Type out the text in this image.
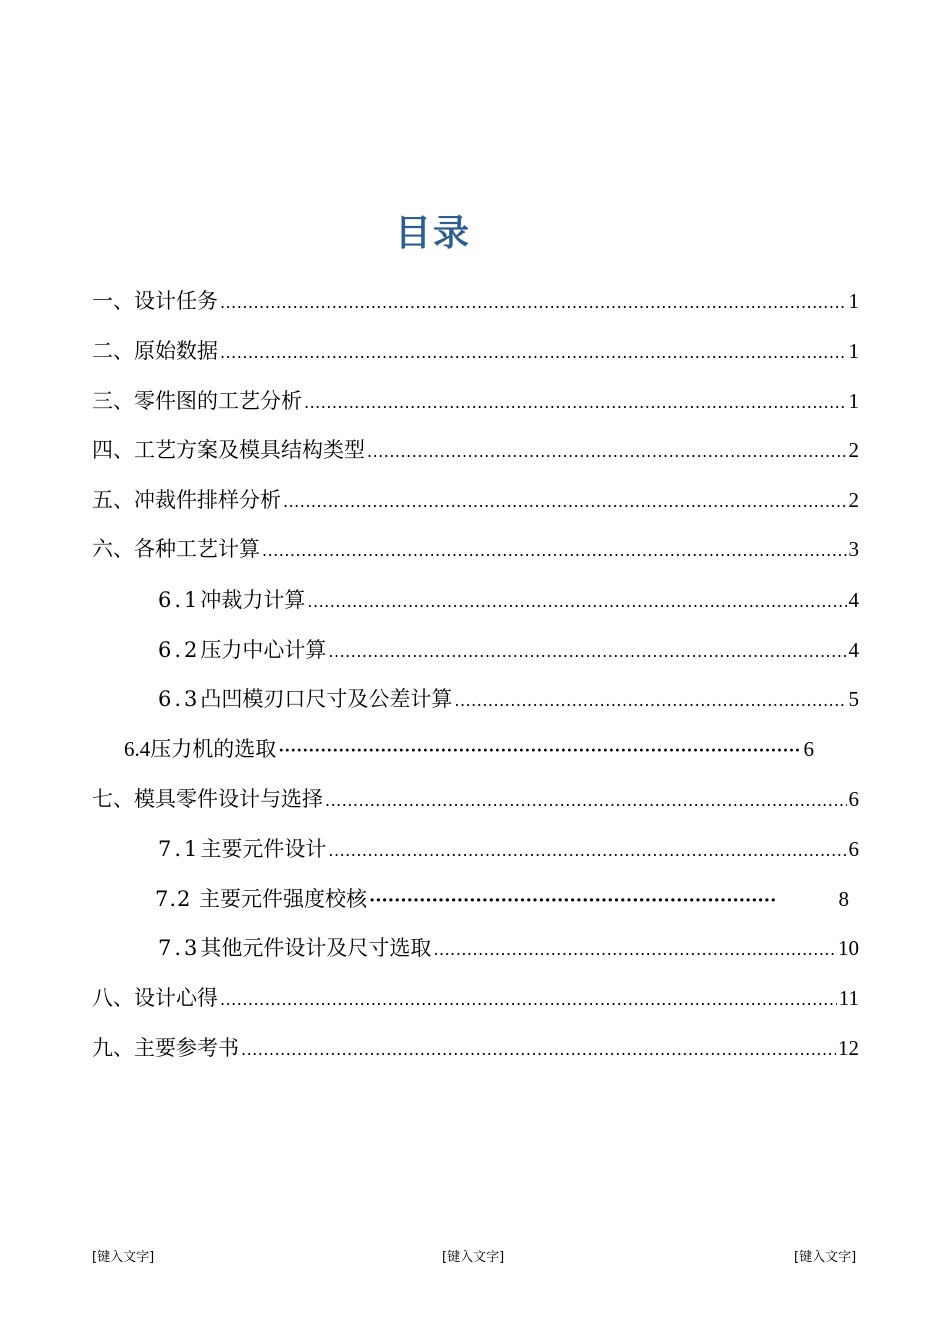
目录
一、 设计任务 .....	1
二、 原始数据 .....	1
三、 零件图的工艺分析 .....	1
四、 工艺方案及模具结构类型 .....	2
五、 冲裁件排样分析 .....	2
六、 各种工艺计算 .....	3
6.1 冲裁力计算 .....	4
6.2 压力中心计算 .....	4
6.3 凸凹模刃口尺寸及公差计算 .....	5
6.4 压力机的选取 ·····	6
七、 模具零件设计与选择 .....	6
7.1 主要元件设计 .....	6
7.2 主要元件强度校核 ·····	8
7.3 其他元件设计及尺寸选取 .....	10
八、 设计心得 .....	11
九、 主要参考书 .....	12
[键入文字]	[键入文字]	[键入文字]
